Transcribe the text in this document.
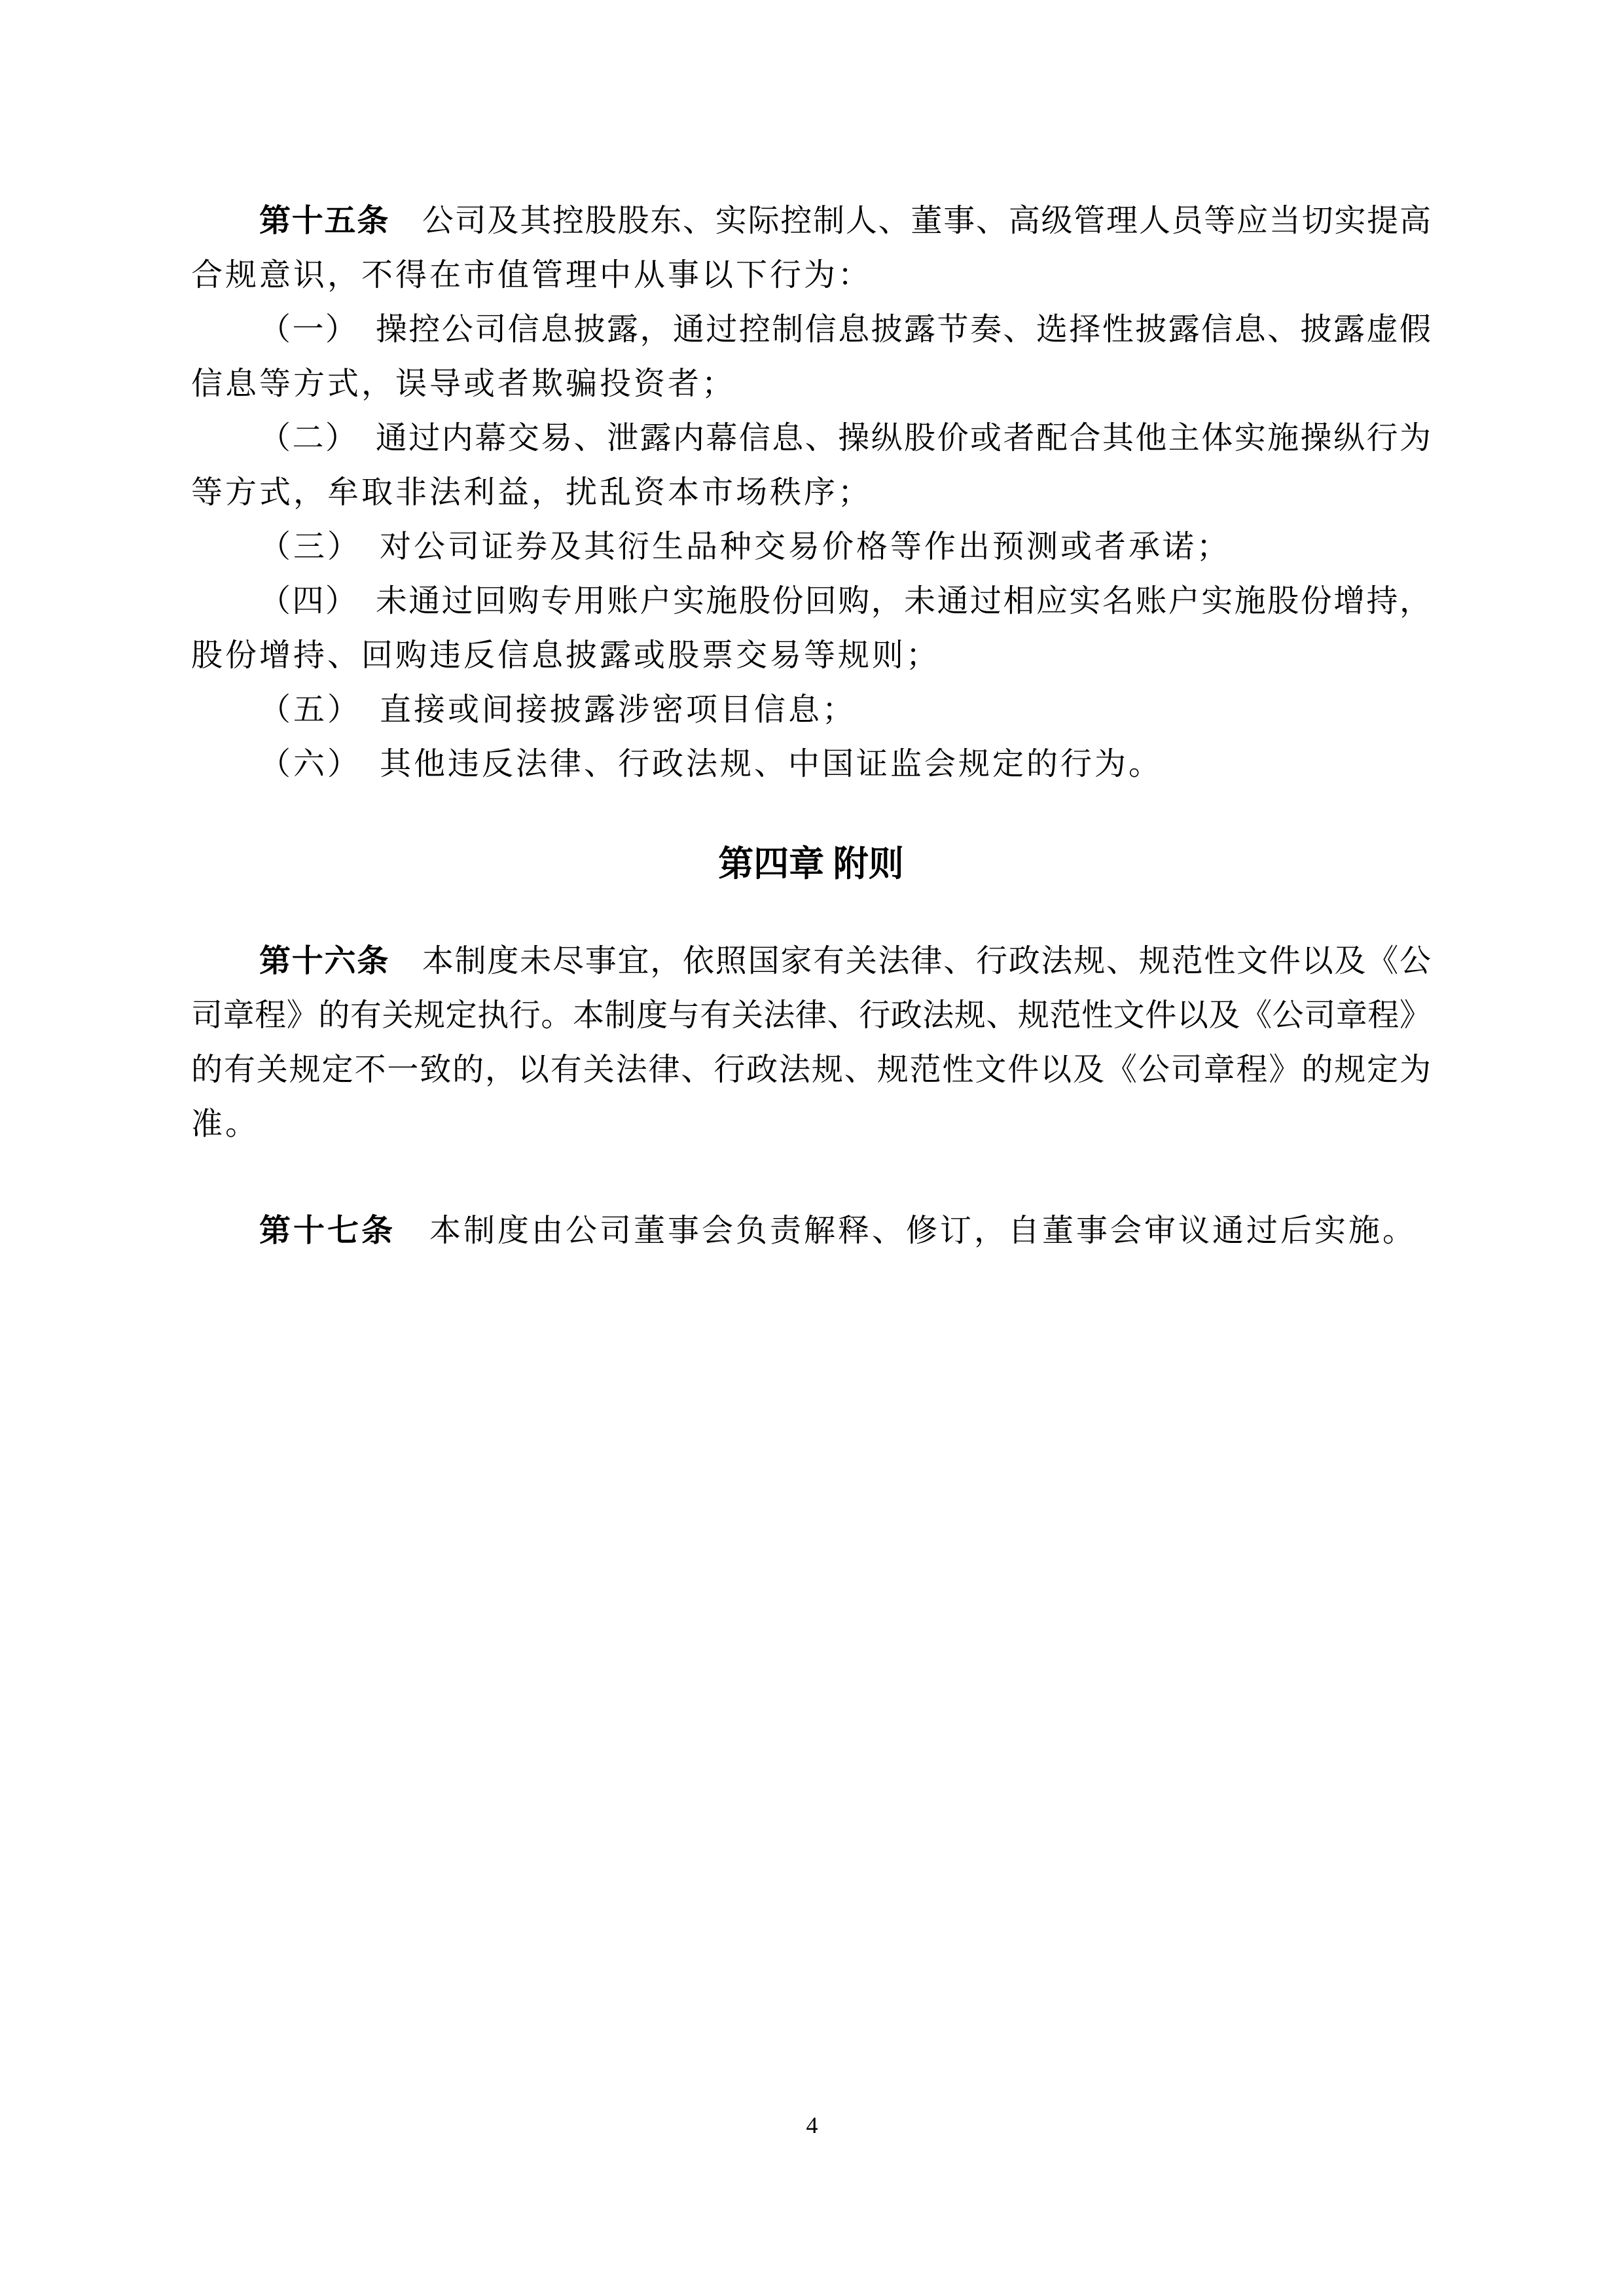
第十五条　公司及其控股股东、实际控制人、董事、高级管理人员等应当切实提高
合规意识，不得在市值管理中从事以下行为：
（一）　操控公司信息披露，通过控制信息披露节奏、选择性披露信息、披露虚假
信息等方式，误导或者欺骗投资者；
（二）　通过内幕交易、泄露内幕信息、操纵股价或者配合其他主体实施操纵行为
等方式，牟取非法利益，扰乱资本市场秩序；
（三）　对公司证券及其衍生品种交易价格等作出预测或者承诺；
（四）　未通过回购专用账户实施股份回购，未通过相应实名账户实施股份增持，
股份增持、回购违反信息披露或股票交易等规则；
（五）　直接或间接披露涉密项目信息；
（六）　其他违反法律、行政法规、中国证监会规定的行为。
第四章 附则
第十六条　本制度未尽事宜，依照国家有关法律、行政法规、规范性文件以及《公
司章程》的有关规定执行。本制度与有关法律、行政法规、规范性文件以及《公司章程》
的有关规定不一致的，以有关法律、行政法规、规范性文件以及《公司章程》的规定为
准。
第十七条　本制度由公司董事会负责解释、修订，自董事会审议通过后实施。
4
